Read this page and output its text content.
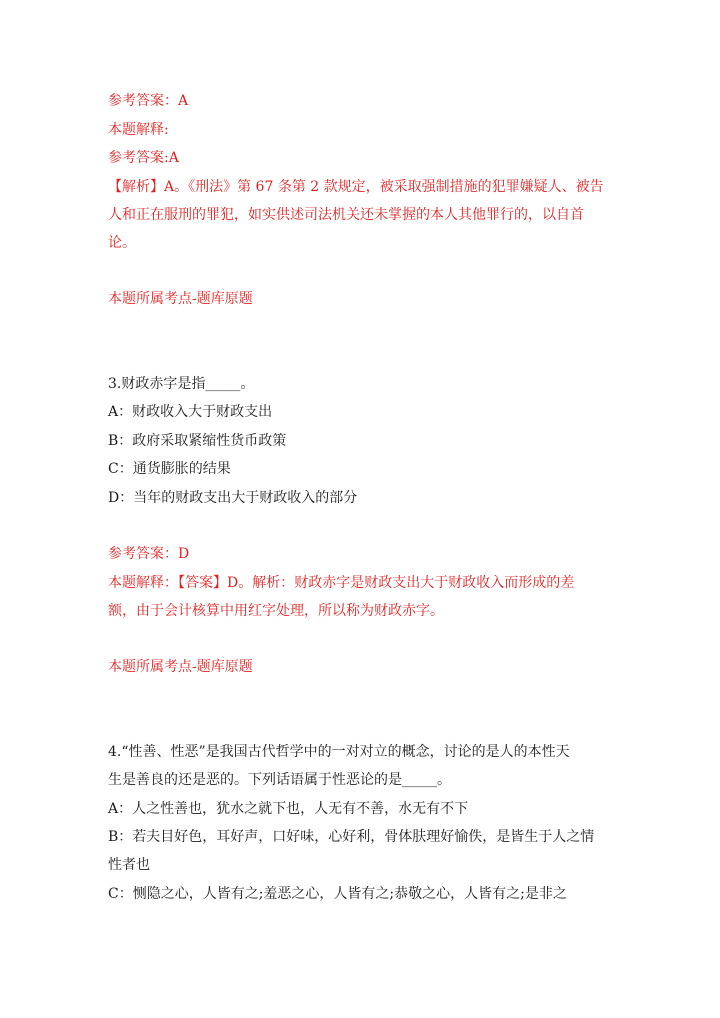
参考答案：A
本题解释:
参考答案:A
【解析】A。《刑法》第 67 条第 2 款规定，被采取强制措施的犯罪嫌疑人、被告
人和正在服刑的罪犯，如实供述司法机关还未掌握的本人其他罪行的，以自首
论。
本题所属考点-题库原题
3.财政赤字是指_____。
A：财政收入大于财政支出
B：政府采取紧缩性货币政策
C：通货膨胀的结果
D：当年的财政支出大于财政收入的部分
参考答案：D
本题解释：【答案】D。解析：财政赤字是财政支出大于财政收入而形成的差
额，由于会计核算中用红字处理，所以称为财政赤字。
本题所属考点-题库原题
4.“性善、性恶”是我国古代哲学中的一对对立的概念，讨论的是人的本性天
生是善良的还是恶的。下列话语属于性恶论的是_____。
A：人之性善也，犹水之就下也，人无有不善，水无有不下
B：若夫目好色，耳好声，口好味，心好利，骨体肤理好愉佚，是皆生于人之情
性者也
C：恻隐之心，人皆有之;羞恶之心，人皆有之;恭敬之心，人皆有之;是非之
